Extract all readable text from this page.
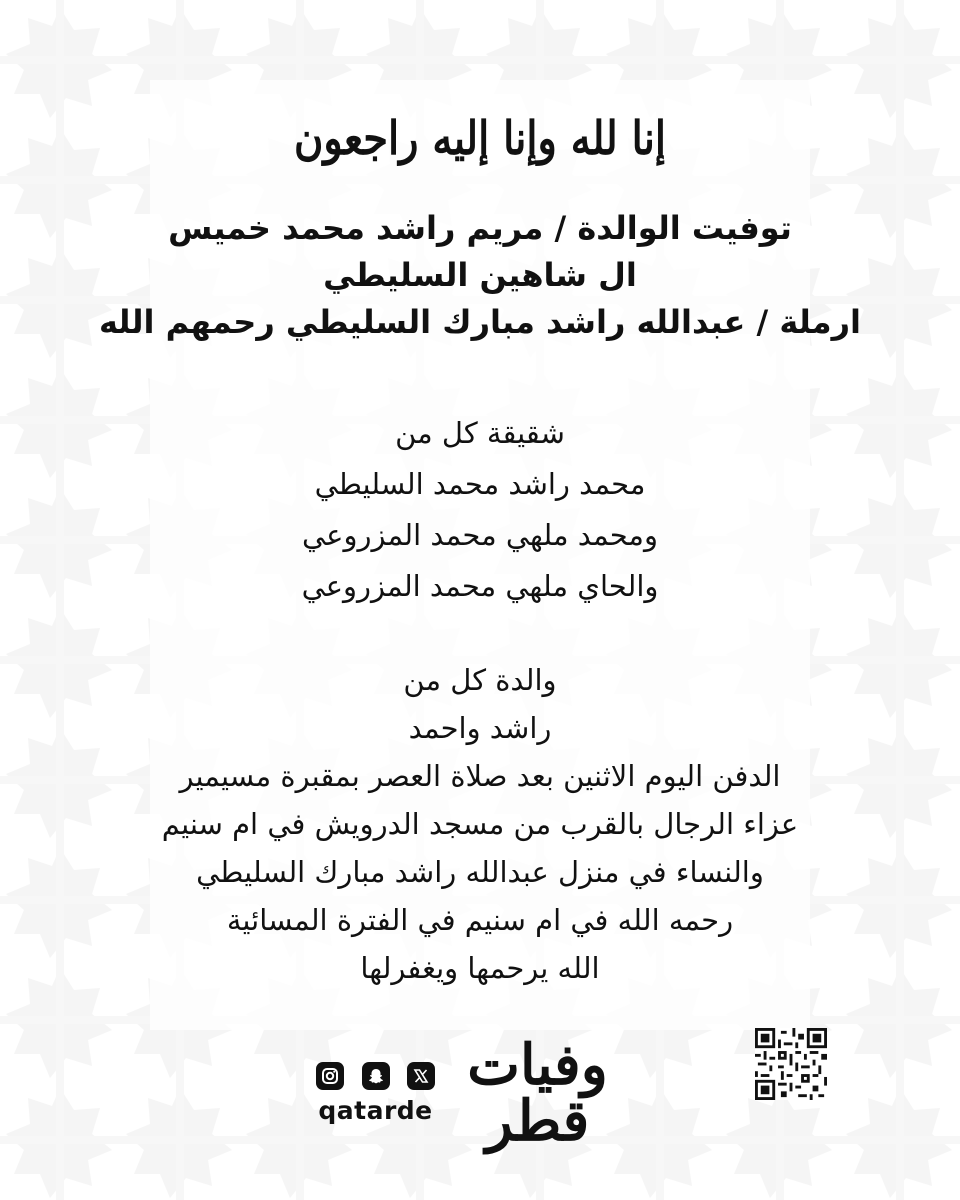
إنا لله وإنا إليه راجعون
توفيت الوالدة / مريم راشد محمد خميس
ال شاهين السليطي
ارملة / عبدالله راشد مبارك السليطي رحمهم الله
شقيقة كل من
محمد راشد محمد السليطي
ومحمد ملهي محمد المزروعي
والحاي ملهي محمد المزروعي
والدة كل من
راشد واحمد
الدفن اليوم الاثنين بعد صلاة العصر بمقبرة مسيمير
عزاء الرجال بالقرب من مسجد الدرويش في ام سنيم
والنساء في منزل عبدالله راشد مبارك السليطي
رحمه الله في ام سنيم في الفترة المسائية
الله يرحمها ويغفرلها
qatarde
وفيات قطر
